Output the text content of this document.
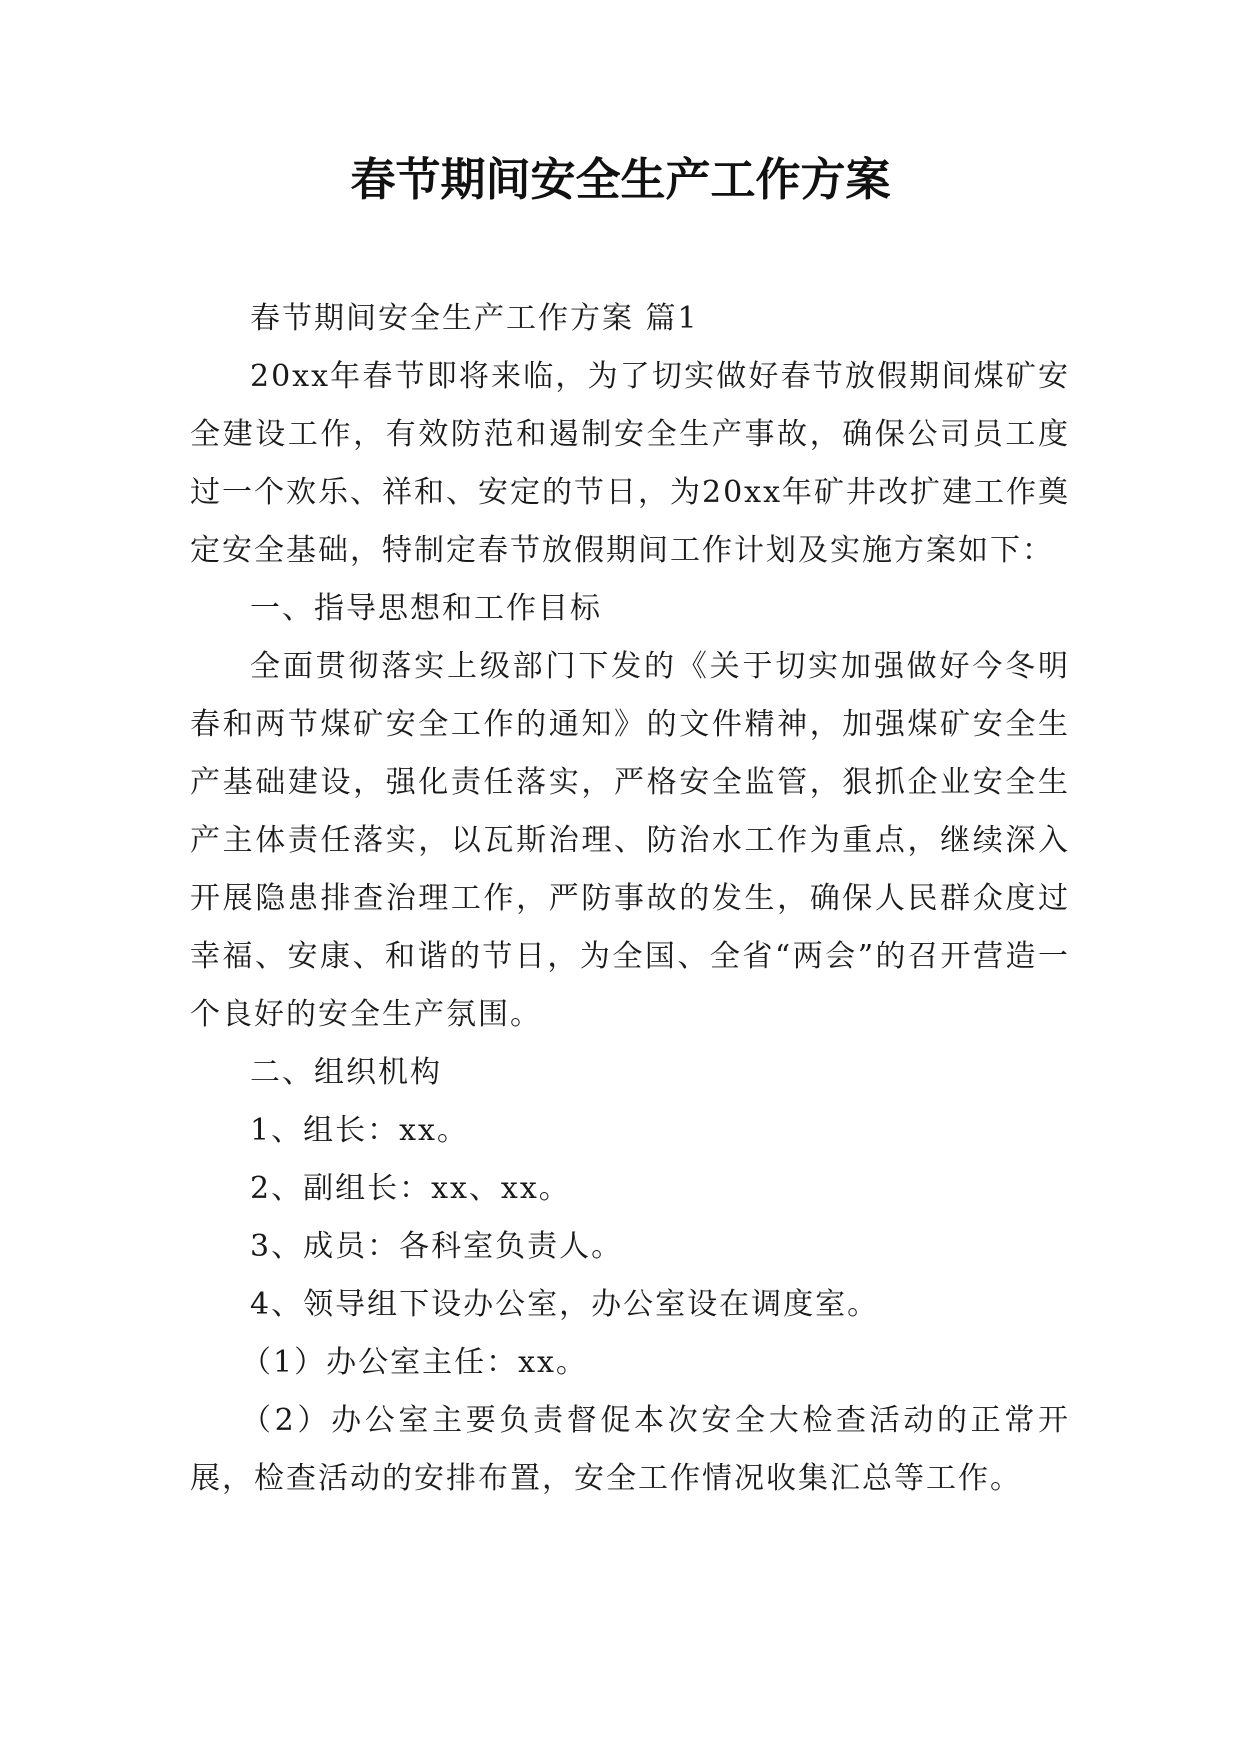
春节期间安全生产工作方案

春节期间安全生产工作方案 篇1

20xx年春节即将来临，为了切实做好春节放假期间煤矿安全建设工作，有效防范和遏制安全生产事故，确保公司员工度过一个欢乐、祥和、安定的节日，为20xx年矿井改扩建工作奠定安全基础，特制定春节放假期间工作计划及实施方案如下：

一、指导思想和工作目标

全面贯彻落实上级部门下发的《关于切实加强做好今冬明春和两节煤矿安全工作的通知》的文件精神，加强煤矿安全生产基础建设，强化责任落实，严格安全监管，狠抓企业安全生产主体责任落实，以瓦斯治理、防治水工作为重点，继续深入开展隐患排查治理工作，严防事故的发生，确保人民群众度过幸福、安康、和谐的节日，为全国、全省“两会”的召开营造一个良好的安全生产氛围。

二、组织机构

1、组长：xx。

2、副组长：xx、xx。

3、成员：各科室负责人。

4、领导组下设办公室，办公室设在调度室。

（1）办公室主任：xx。

（2）办公室主要负责督促本次安全大检查活动的正常开展，检查活动的安排布置，安全工作情况收集汇总等工作。
